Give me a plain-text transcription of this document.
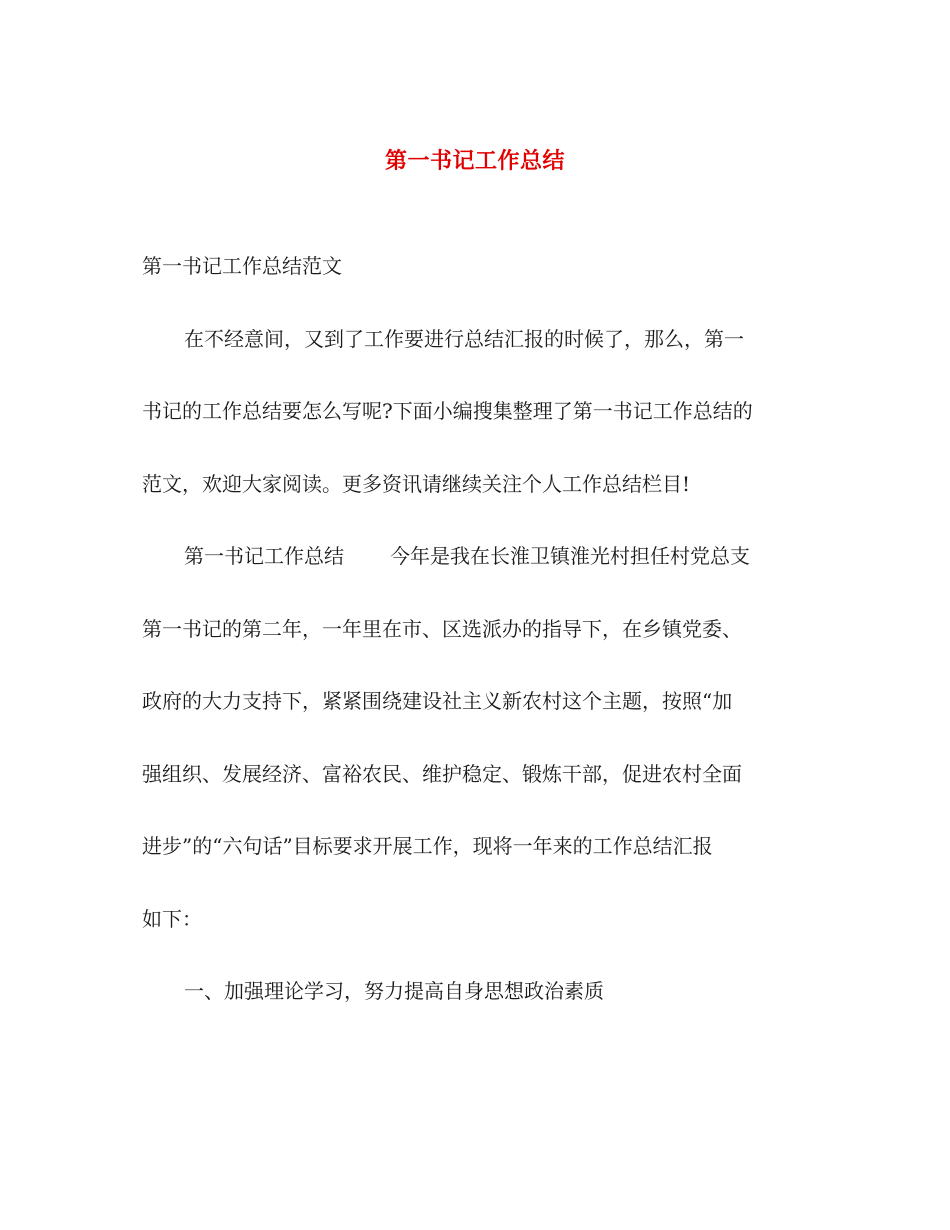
第一书记工作总结
第一书记工作总结范文
在不经意间，又到了工作要进行总结汇报的时候了，那么，第一
书记的工作总结要怎么写呢?下面小编搜集整理了第一书记工作总结的
范文，欢迎大家阅读。更多资讯请继续关注个人工作总结栏目!
第一书记工作总结 今年是我在长淮卫镇淮光村担任村党总支
第一书记的第二年，一年里在市、区选派办的指导下，在乡镇党委、
政府的大力支持下，紧紧围绕建设社主义新农村这个主题，按照“加
强组织、发展经济、富裕农民、维护稳定、锻炼干部，促进农村全面
进步”的“六句话”目标要求开展工作，现将一年来的工作总结汇报
如下：
一、加强理论学习，努力提高自身思想政治素质
